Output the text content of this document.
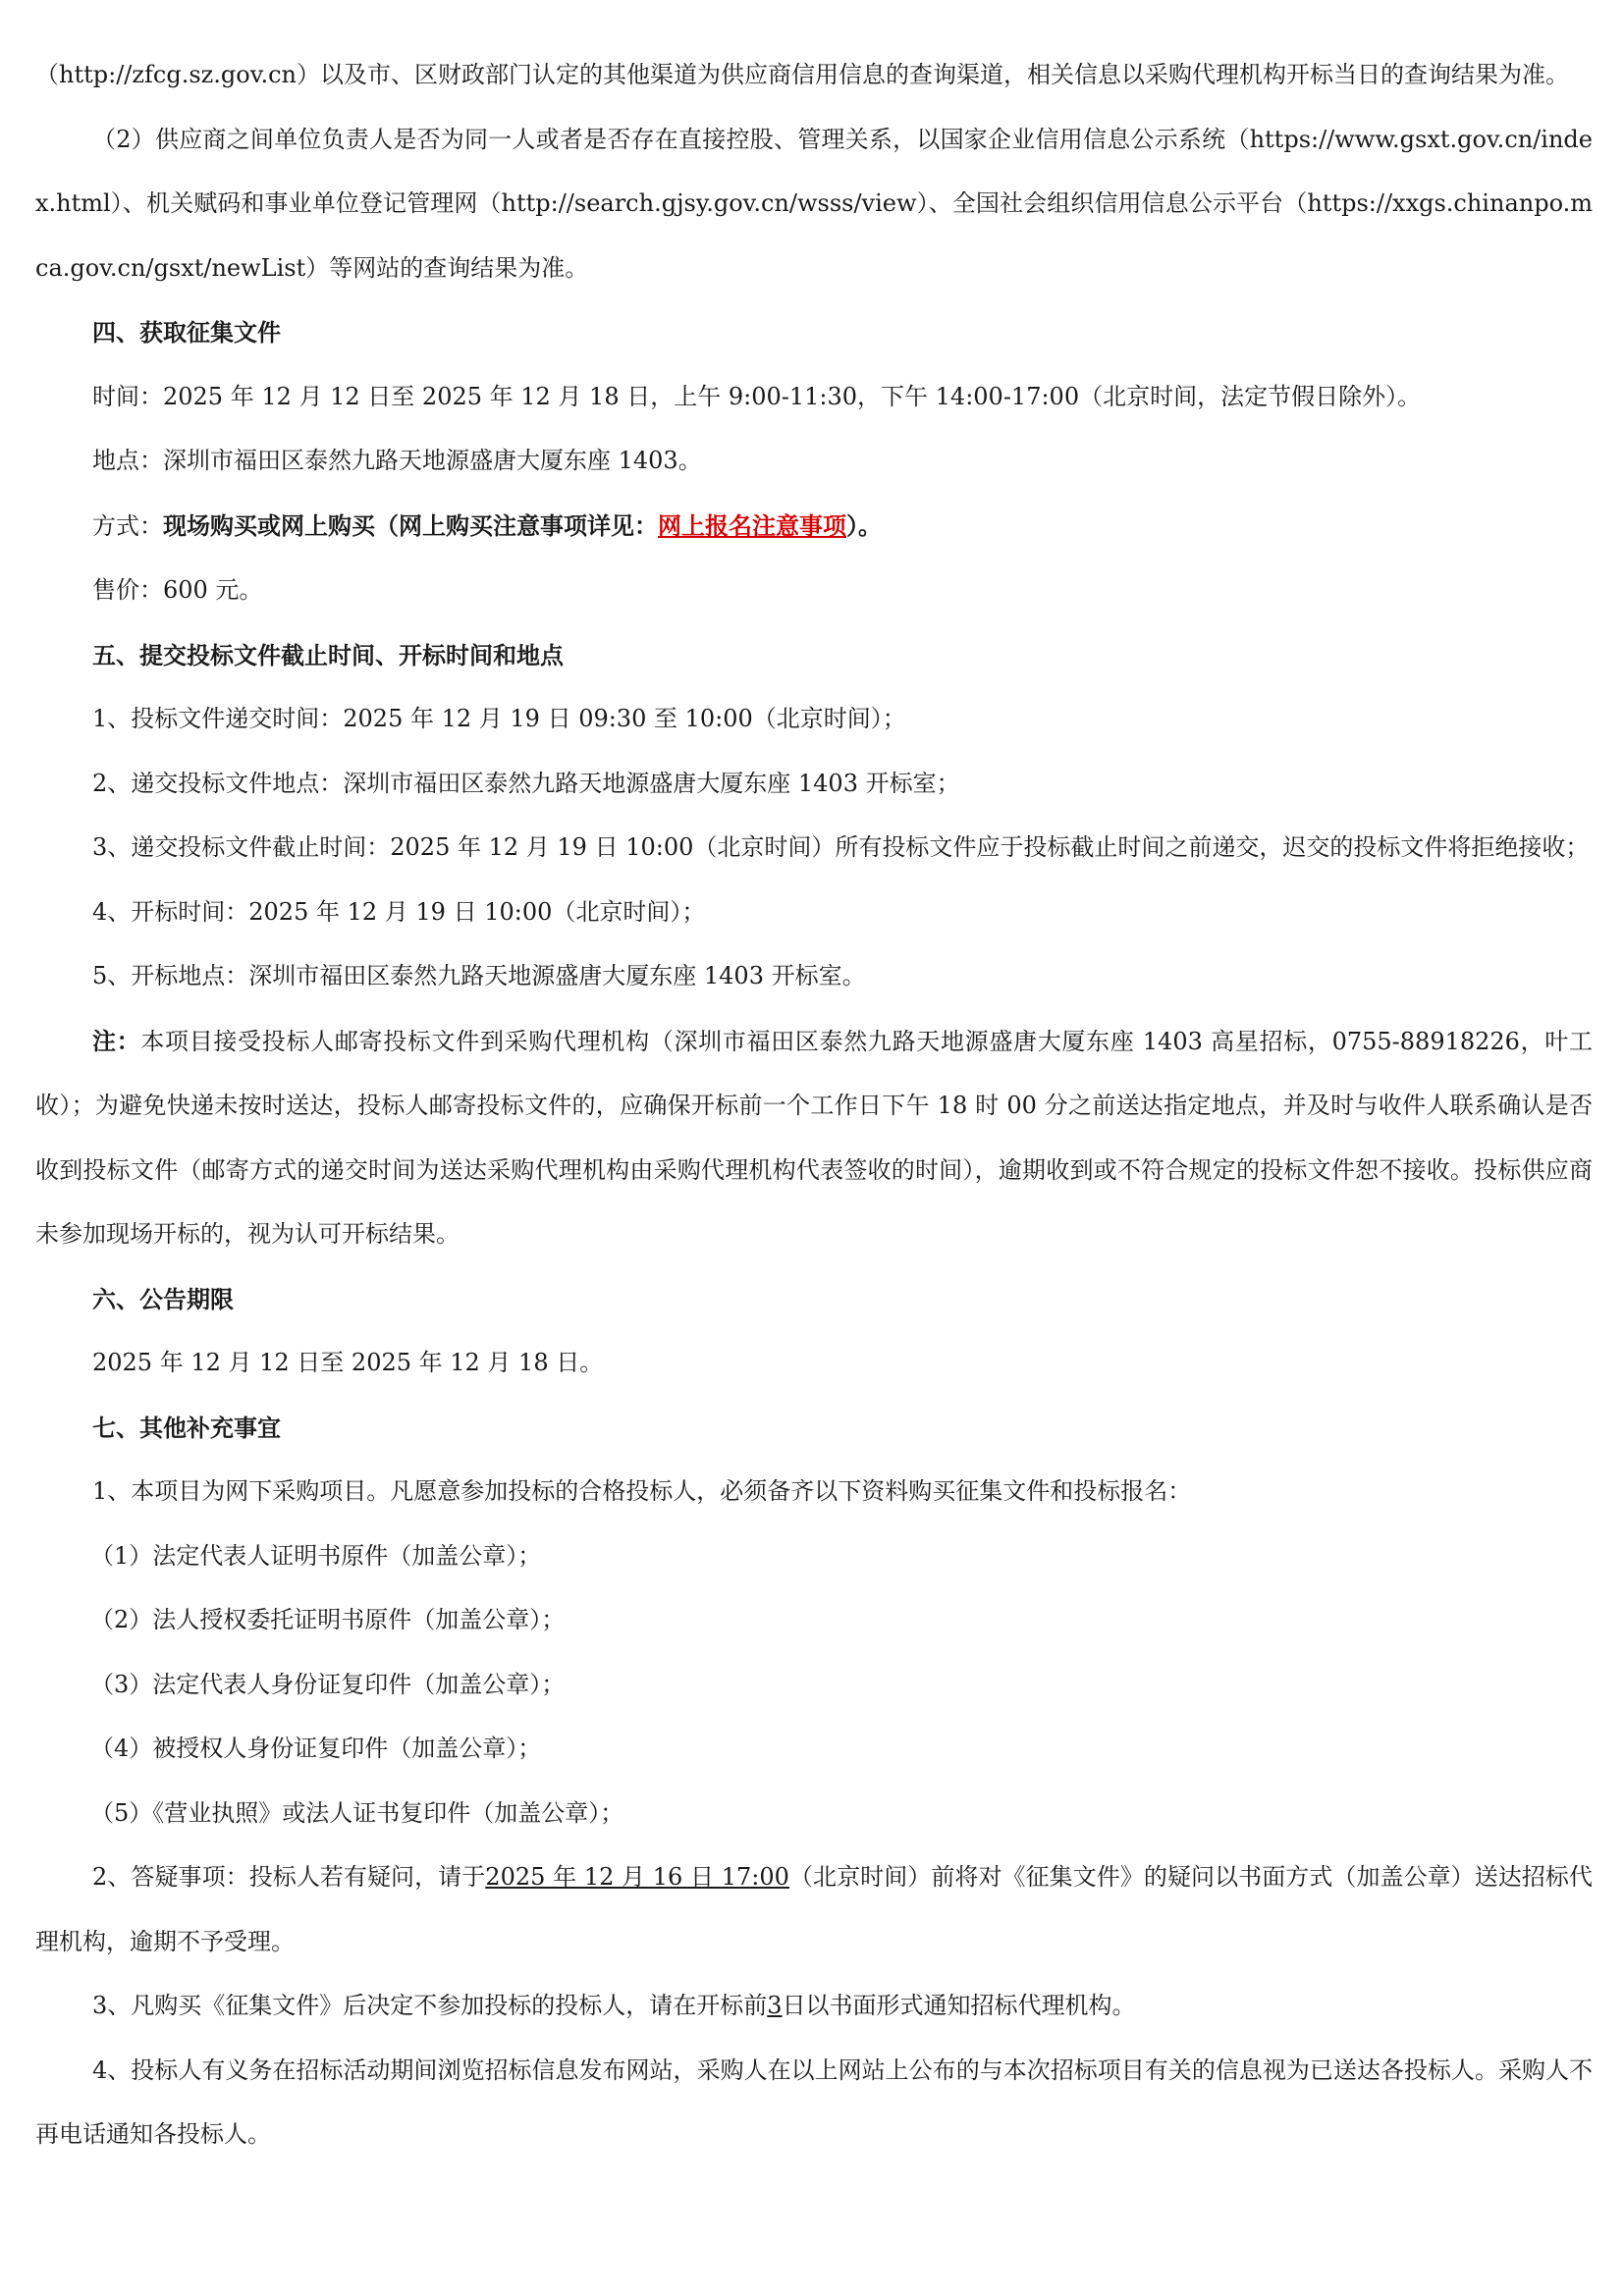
（http://zfcg.sz.gov.cn）以及市、区财政部门认定的其他渠道为供应商信用信息的查询渠道，相关信息以采购代理机构开标当日的查询结果为准。

（2）供应商之间单位负责人是否为同一人或者是否存在直接控股、管理关系，以国家企业信用信息公示系统（https://www.gsxt.gov.cn/index.html）、机关赋码和事业单位登记管理网（http://search.gjsy.gov.cn/wsss/view）、全国社会组织信用信息公示平台（https://xxgs.chinanpo.mca.gov.cn/gsxt/newList）等网站的查询结果为准。

四、获取征集文件

时间：2025 年 12 月 12 日至 2025 年 12 月 18 日，上午 9:00-11:30，下午 14:00-17:00（北京时间，法定节假日除外）。

地点：深圳市福田区泰然九路天地源盛唐大厦东座 1403。

方式：现场购买或网上购买（网上购买注意事项详见：网上报名注意事项）。

售价：600 元。

五、提交投标文件截止时间、开标时间和地点

1、投标文件递交时间：2025 年 12 月 19 日 09:30 至 10:00（北京时间）；

2、递交投标文件地点：深圳市福田区泰然九路天地源盛唐大厦东座 1403 开标室；

3、递交投标文件截止时间：2025 年 12 月 19 日 10:00（北京时间）所有投标文件应于投标截止时间之前递交，迟交的投标文件将拒绝接收；

4、开标时间：2025 年 12 月 19 日 10:00（北京时间）；

5、开标地点：深圳市福田区泰然九路天地源盛唐大厦东座 1403 开标室。

注：本项目接受投标人邮寄投标文件到采购代理机构（深圳市福田区泰然九路天地源盛唐大厦东座 1403 高星招标，0755-88918226，叶工收）；为避免快递未按时送达，投标人邮寄投标文件的，应确保开标前一个工作日下午 18 时 00 分之前送达指定地点，并及时与收件人联系确认是否收到投标文件（邮寄方式的递交时间为送达采购代理机构由采购代理机构代表签收的时间），逾期收到或不符合规定的投标文件恕不接收。投标供应商未参加现场开标的，视为认可开标结果。

六、公告期限

2025 年 12 月 12 日至 2025 年 12 月 18 日。

七、其他补充事宜

1、本项目为网下采购项目。凡愿意参加投标的合格投标人，必须备齐以下资料购买征集文件和投标报名：

（1）法定代表人证明书原件（加盖公章）；

（2）法人授权委托证明书原件（加盖公章）；

（3）法定代表人身份证复印件（加盖公章）；

（4）被授权人身份证复印件（加盖公章）；

（5）《营业执照》或法人证书复印件（加盖公章）；

2、答疑事项：投标人若有疑问，请于2025 年 12 月 16 日 17:00（北京时间）前将对《征集文件》的疑问以书面方式（加盖公章）送达招标代理机构，逾期不予受理。

3、凡购买《征集文件》后决定不参加投标的投标人，请在开标前3日以书面形式通知招标代理机构。

4、投标人有义务在招标活动期间浏览招标信息发布网站，采购人在以上网站上公布的与本次招标项目有关的信息视为已送达各投标人。采购人不再电话通知各投标人。
